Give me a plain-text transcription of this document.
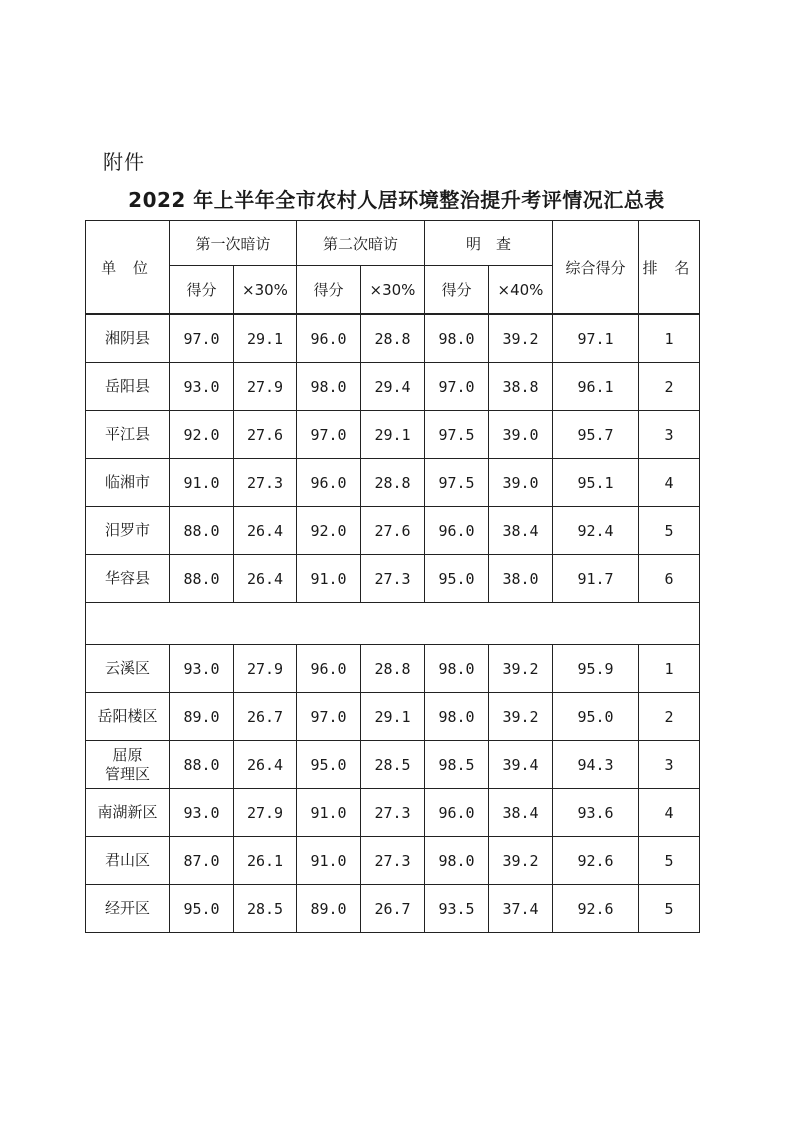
附件
2022 年上半年全市农村人居环境整治提升考评情况汇总表
单 位	第一次暗访		第二次暗访		明　查		综合得分	排 名
	得分	×30%	得分	×30%	得分	×40%		
湘阴县	97.0	29.1	96.0	28.8	98.0	39.2	97.1	1
岳阳县	93.0	27.9	98.0	29.4	97.0	38.8	96.1	2
平江县	92.0	27.6	97.0	29.1	97.5	39.0	95.7	3
临湘市	91.0	27.3	96.0	28.8	97.5	39.0	95.1	4
汨罗市	88.0	26.4	92.0	27.6	96.0	38.4	92.4	5
华容县	88.0	26.4	91.0	27.3	95.0	38.0	91.7	6

云溪区	93.0	27.9	96.0	28.8	98.0	39.2	95.9	1
岳阳楼区	89.0	26.7	97.0	29.1	98.0	39.2	95.0	2
屈原
管理区	88.0	26.4	95.0	28.5	98.5	39.4	94.3	3
南湖新区	93.0	27.9	91.0	27.3	96.0	38.4	93.6	4
君山区	87.0	26.1	91.0	27.3	98.0	39.2	92.6	5
经开区	95.0	28.5	89.0	26.7	93.5	37.4	92.6	5
